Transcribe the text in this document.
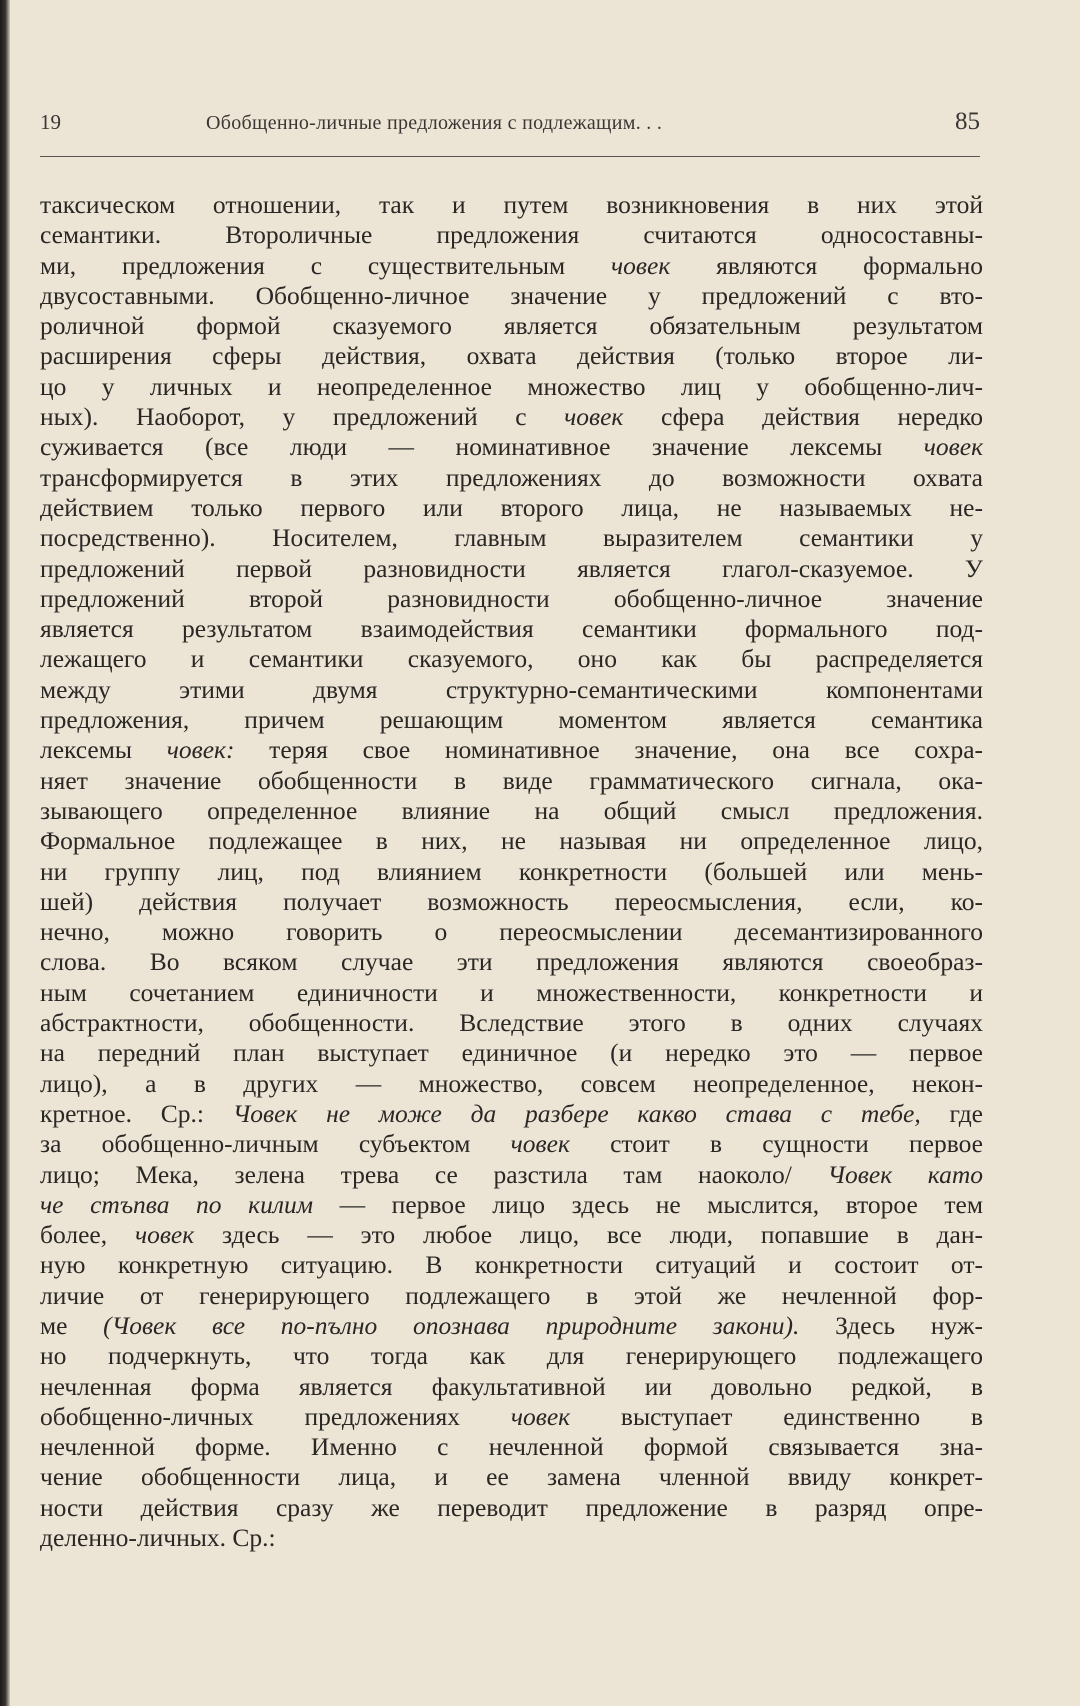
19	Обобщенно-личные предложения с подлежащим. . .	85
таксическом отношении, так и путем возникновения в них этой
семантики. Второличные предложения считаются односоставны-
ми, предложения с существительным човек являются формально
двусоставными. Обобщенно-личное значение у предложений с вто-
роличной формой сказуемого является обязательным результатом
расширения сферы действия, охвата действия (только второе ли-
цо у личных и неопределенное множество лиц у обобщенно-лич-
ных). Наоборот, у предложений с човек сфера действия нередко
суживается (все люди — номинативное значение лексемы човек
трансформируется в этих предложениях до возможности охвата
действием только первого или второго лица, не называемых не-
посредственно). Носителем, главным выразителем семантики у
предложений первой разновидности является глагол-сказуемое. У
предложений второй разновидности обобщенно-личное значение
является результатом взаимодействия семантики формального под-
лежащего и семантики сказуемого, оно как бы распределяется
между этими двумя структурно-семантическими компонентами
предложения, причем решающим моментом является семантика
лексемы човек: теряя свое номинативное значение, она все сохра-
няет значение обобщенности в виде грамматического сигнала, ока-
зывающего определенное влияние на общий смысл предложения.
Формальное подлежащее в них, не называя ни определенное лицо,
ни группу лиц, под влиянием конкретности (большей или мень-
шей) действия получает возможность переосмысления, если, ко-
нечно, можно говорить о переосмыслении десемантизированного
слова. Во всяком случае эти предложения являются своеобраз-
ным сочетанием единичности и множественности, конкретности и
абстрактности, обобщенности. Вследствие этого в одних случаях
на передний план выступает единичное (и нередко это — первое
лицо), а в других — множество, совсем неопределенное, некон-
кретное. Ср.: Човек не може да разбере какво става с тебе, где
за обобщенно-личным субъектом човек стоит в сущности первое
лицо; Мека, зелена трева се разстила там наоколо/ Човек като
че стъпва по килим — первое лицо здесь не мыслится, второе тем
более, човек здесь — это любое лицо, все люди, попавшие в дан-
ную конкретную ситуацию. В конкретности ситуаций и состоит от-
личие от генерирующего подлежащего в этой же нечленной фор-
ме (Човек все по-пълно опознава природните закони). Здесь нуж-
но подчеркнуть, что тогда как для генерирующего подлежащего
нечленная форма является факультативной ии довольно редкой, в
обобщенно-личных предложениях човек выступает единственно в
нечленной форме. Именно с нечленной формой связывается зна-
чение обобщенности лица, и ее замена членной ввиду конкрет-
ности действия сразу же переводит предложение в разряд опре-
деленно-личных. Ср.:
